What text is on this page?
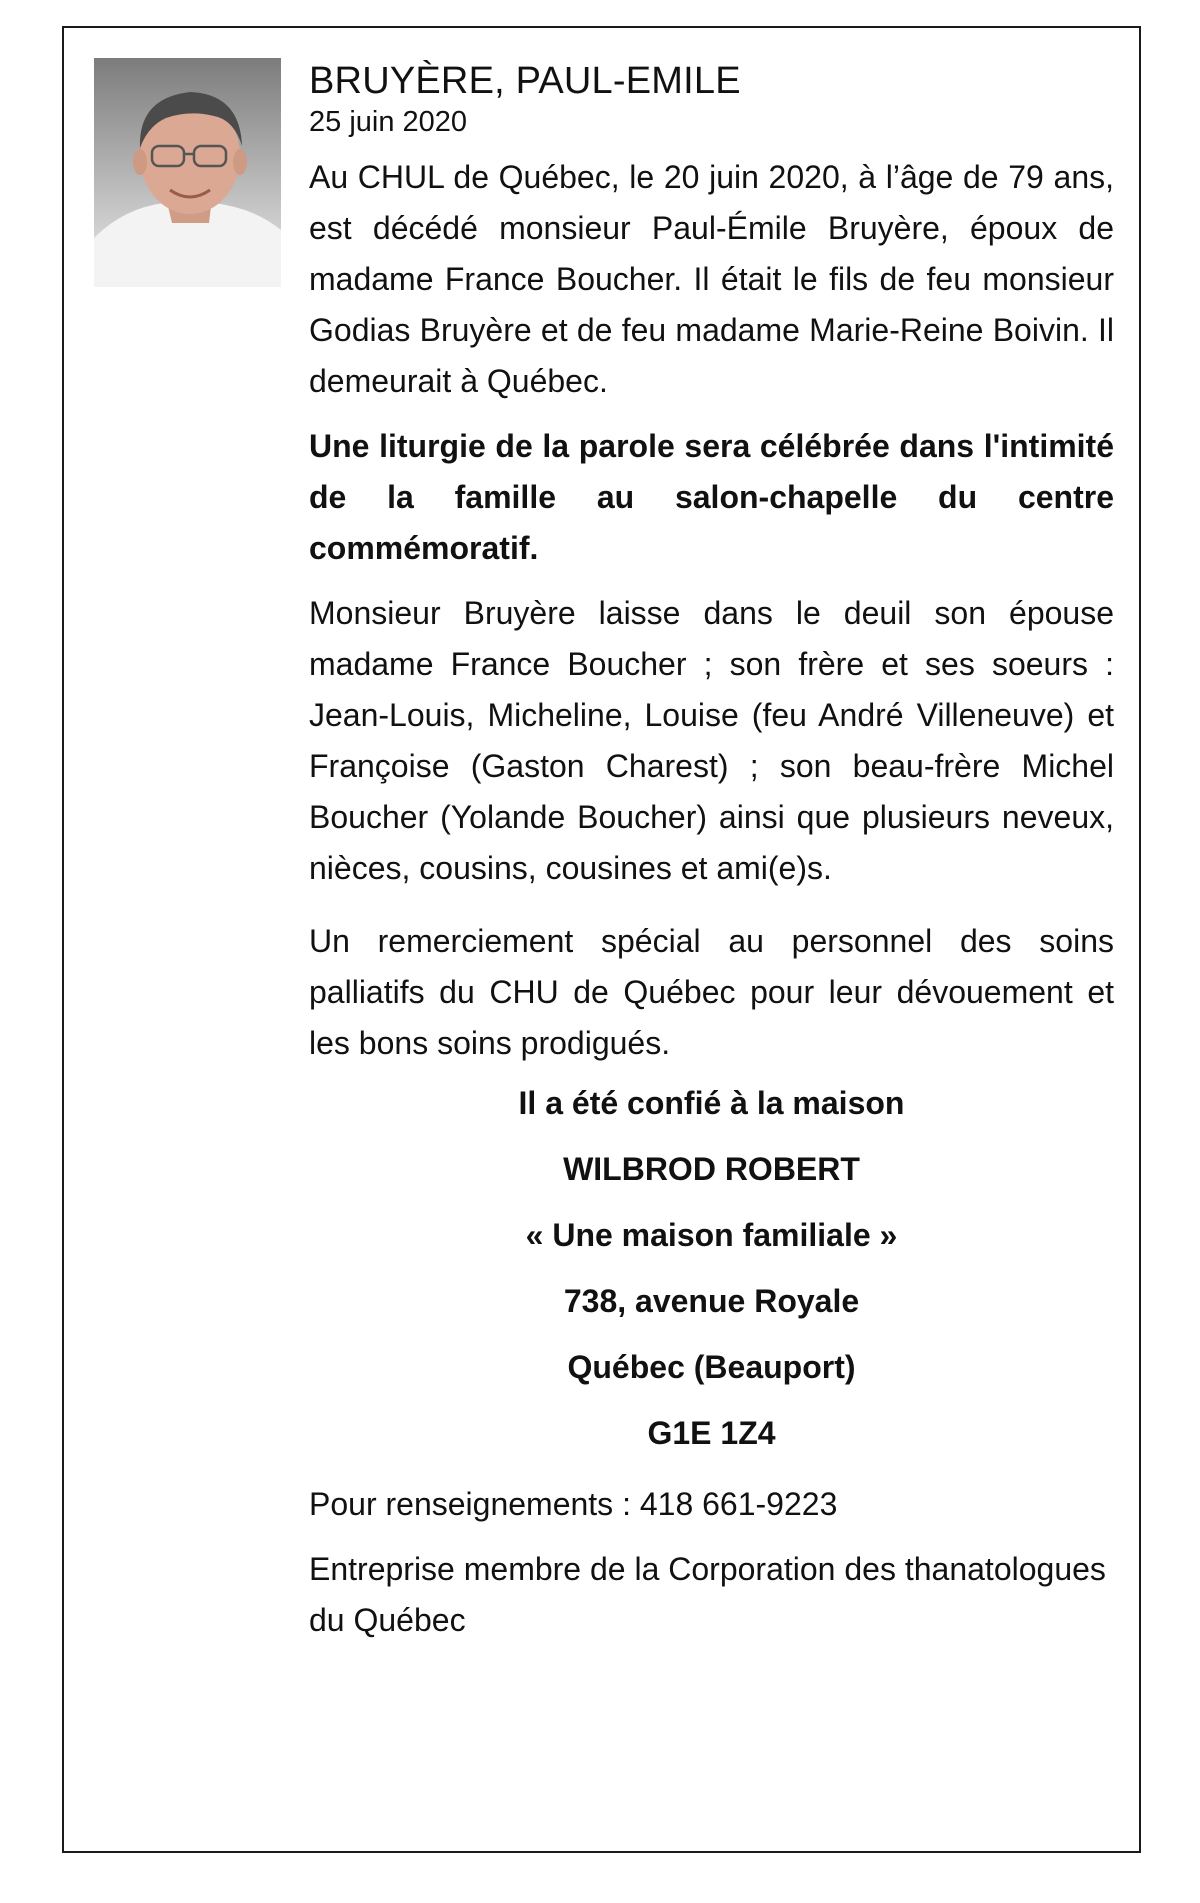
BRUYÈRE, PAUL-EMILE
25 juin 2020

Au CHUL de Québec, le 20 juin 2020, à l’âge de 79 ans, est décédé monsieur Paul-Émile Bruyère, époux de madame France Boucher. Il était le fils de feu monsieur Godias Bruyère et de feu madame Marie-Reine Boivin. Il demeurait à Québec.

Une liturgie de la parole sera célébrée dans l'intimité de la famille au salon-chapelle du centre commémoratif.

Monsieur Bruyère laisse dans le deuil son épouse madame France Boucher ; son frère et ses soeurs : Jean-Louis, Micheline, Louise (feu André Villeneuve) et Françoise (Gaston Charest) ; son beau-frère Michel Boucher (Yolande Boucher) ainsi que plusieurs neveux, nièces, cousins, cousines et ami(e)s.

Un remerciement spécial au personnel des soins palliatifs du CHU de Québec pour leur dévouement et les bons soins prodigués.

Il a été confié à la maison
WILBROD ROBERT
« Une maison familiale »
738, avenue Royale
Québec (Beauport)
G1E 1Z4

Pour renseignements : 418 661-9223

Entreprise membre de la Corporation des thanatologues du Québec
